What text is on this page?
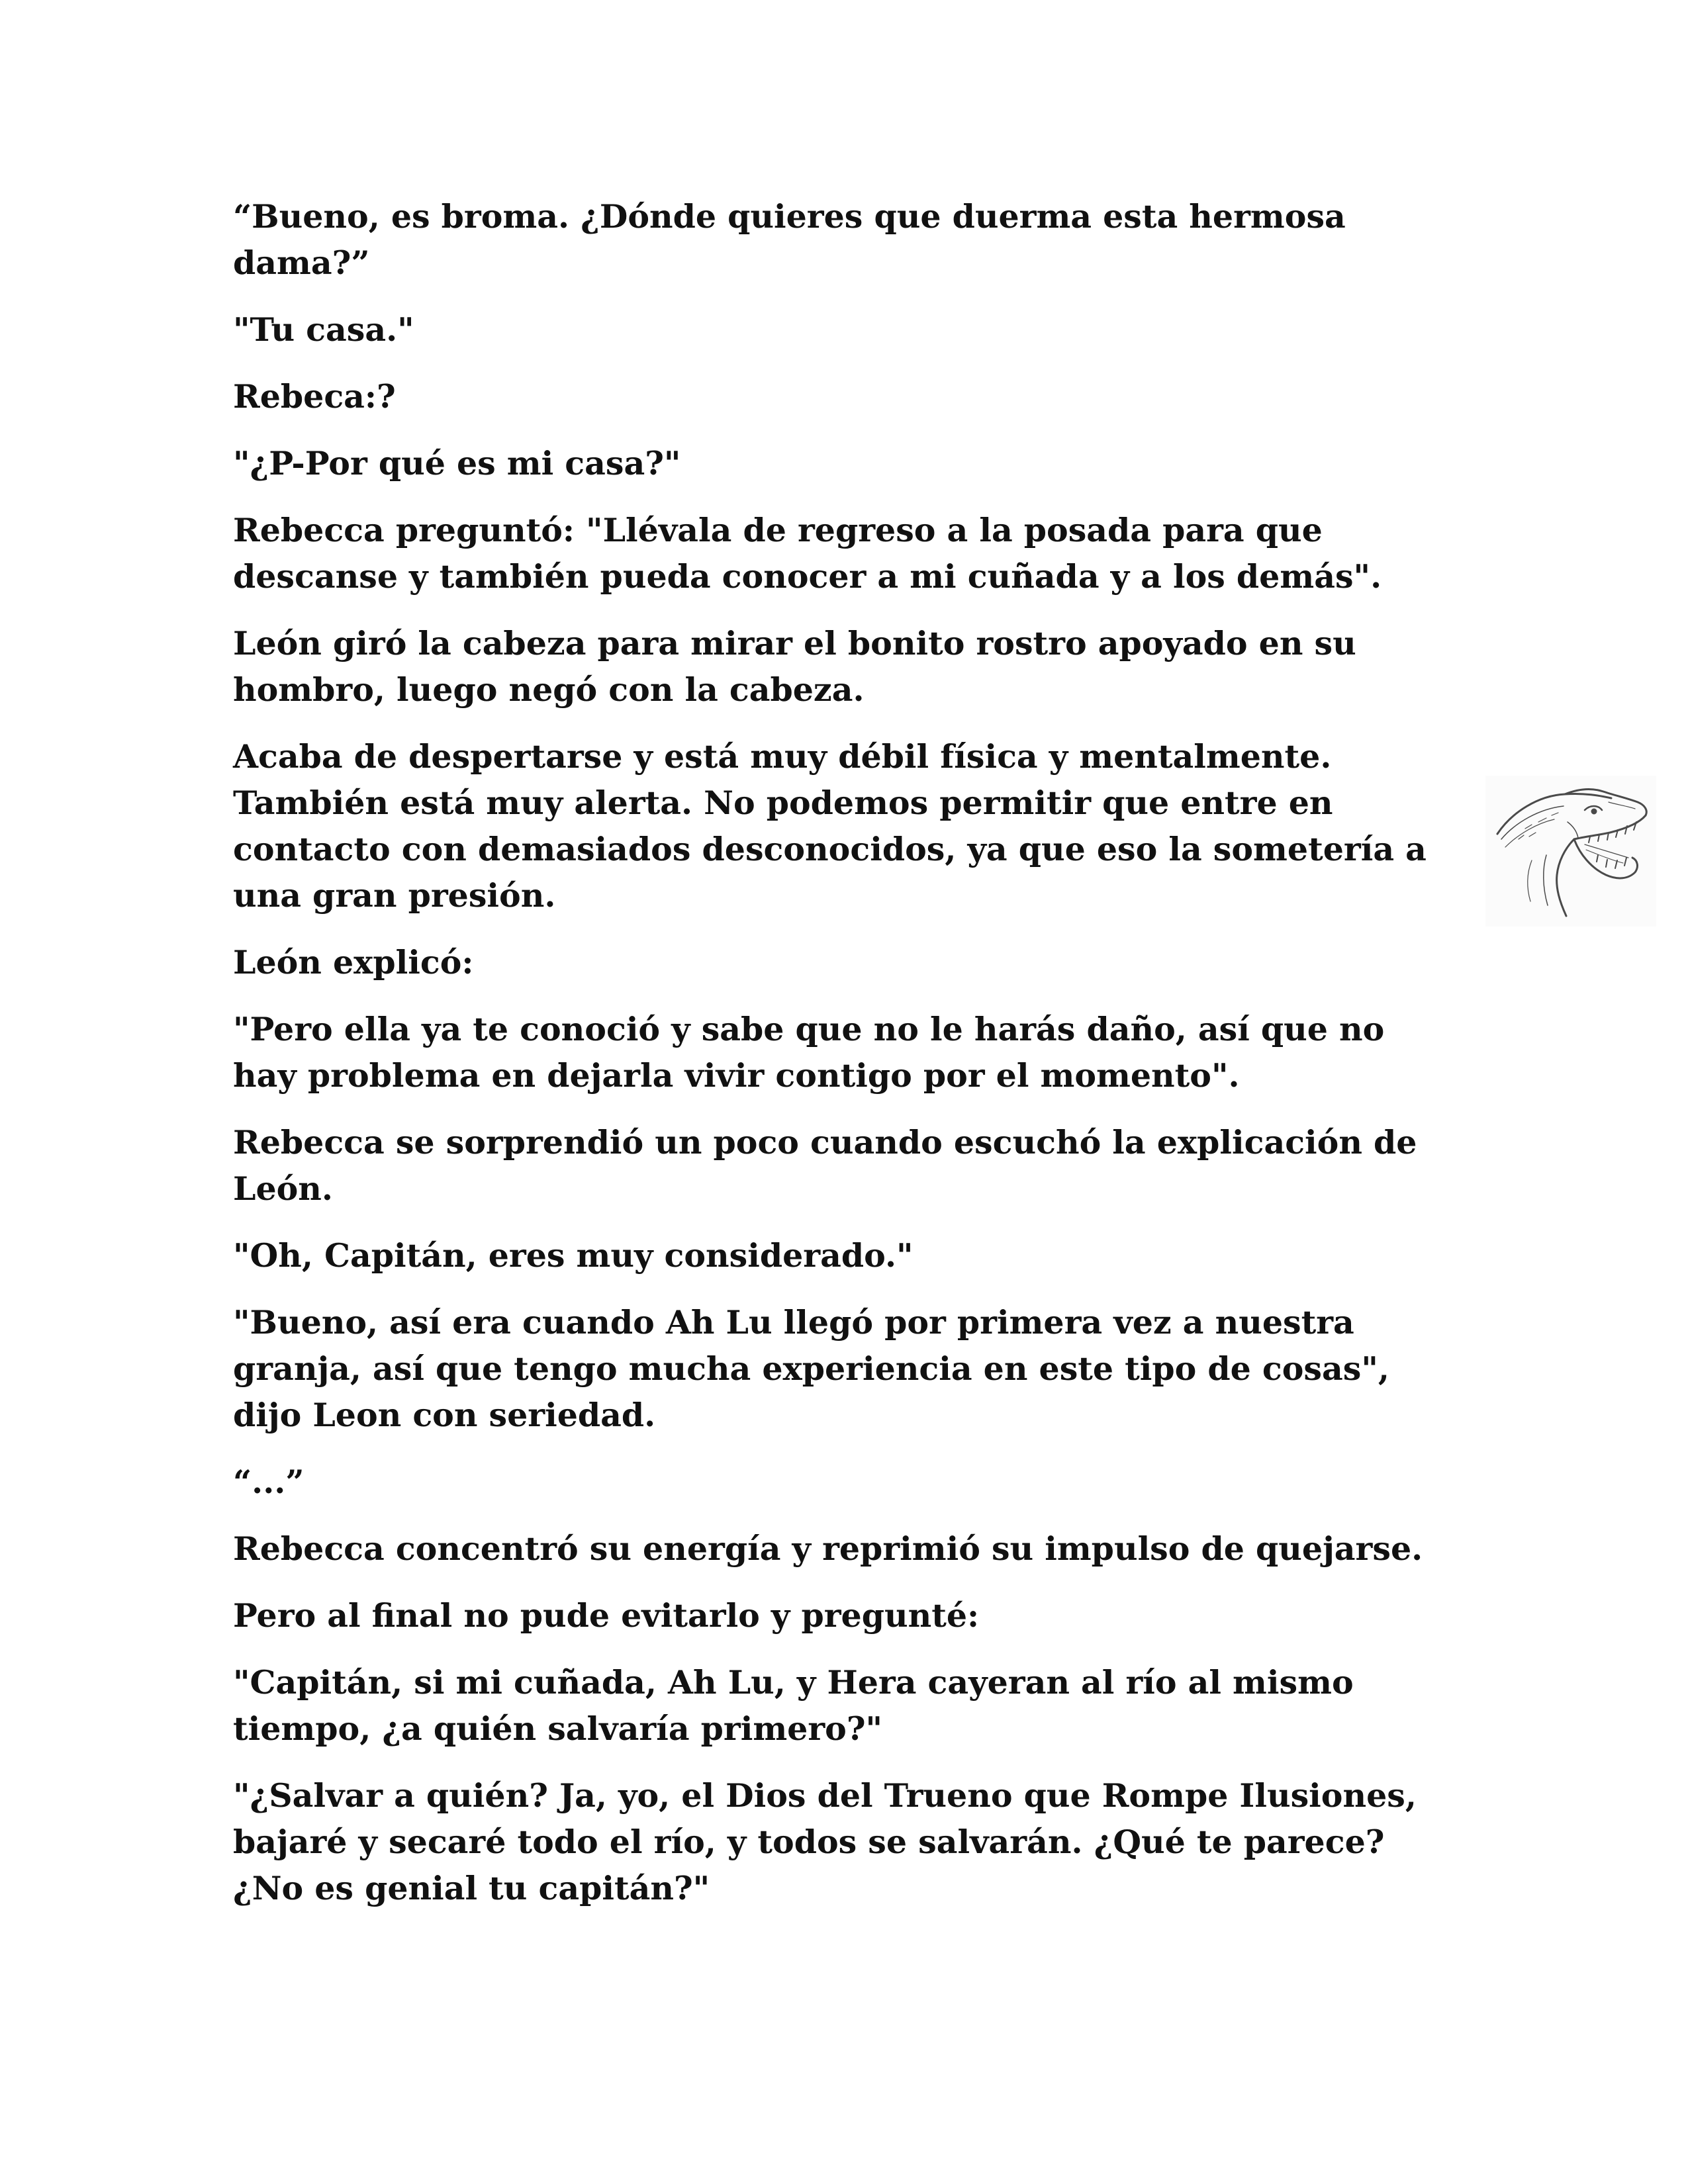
“Bueno, es broma. ¿Dónde quieres que duerma esta hermosa dama?”

"Tu casa."

Rebeca:?

"¿P-Por qué es mi casa?"

Rebecca preguntó: "Llévala de regreso a la posada para que descanse y también pueda conocer a mi cuñada y a los demás".

León giró la cabeza para mirar el bonito rostro apoyado en su hombro, luego negó con la cabeza.

Acaba de despertarse y está muy débil física y mentalmente. También está muy alerta. No podemos permitir que entre en contacto con demasiados desconocidos, ya que eso la sometería a una gran presión.

León explicó:

"Pero ella ya te conoció y sabe que no le harás daño, así que no hay problema en dejarla vivir contigo por el momento".

Rebecca se sorprendió un poco cuando escuchó la explicación de León.

"Oh, Capitán, eres muy considerado."

"Bueno, así era cuando Ah Lu llegó por primera vez a nuestra granja, así que tengo mucha experiencia en este tipo de cosas", dijo Leon con seriedad.

“...”

Rebecca concentró su energía y reprimió su impulso de quejarse.

Pero al final no pude evitarlo y pregunté:

"Capitán, si mi cuñada, Ah Lu, y Hera cayeran al río al mismo tiempo, ¿a quién salvaría primero?"

"¿Salvar a quién? Ja, yo, el Dios del Trueno que Rompe Ilusiones, bajaré y secaré todo el río, y todos se salvarán. ¿Qué te parece? ¿No es genial tu capitán?"
